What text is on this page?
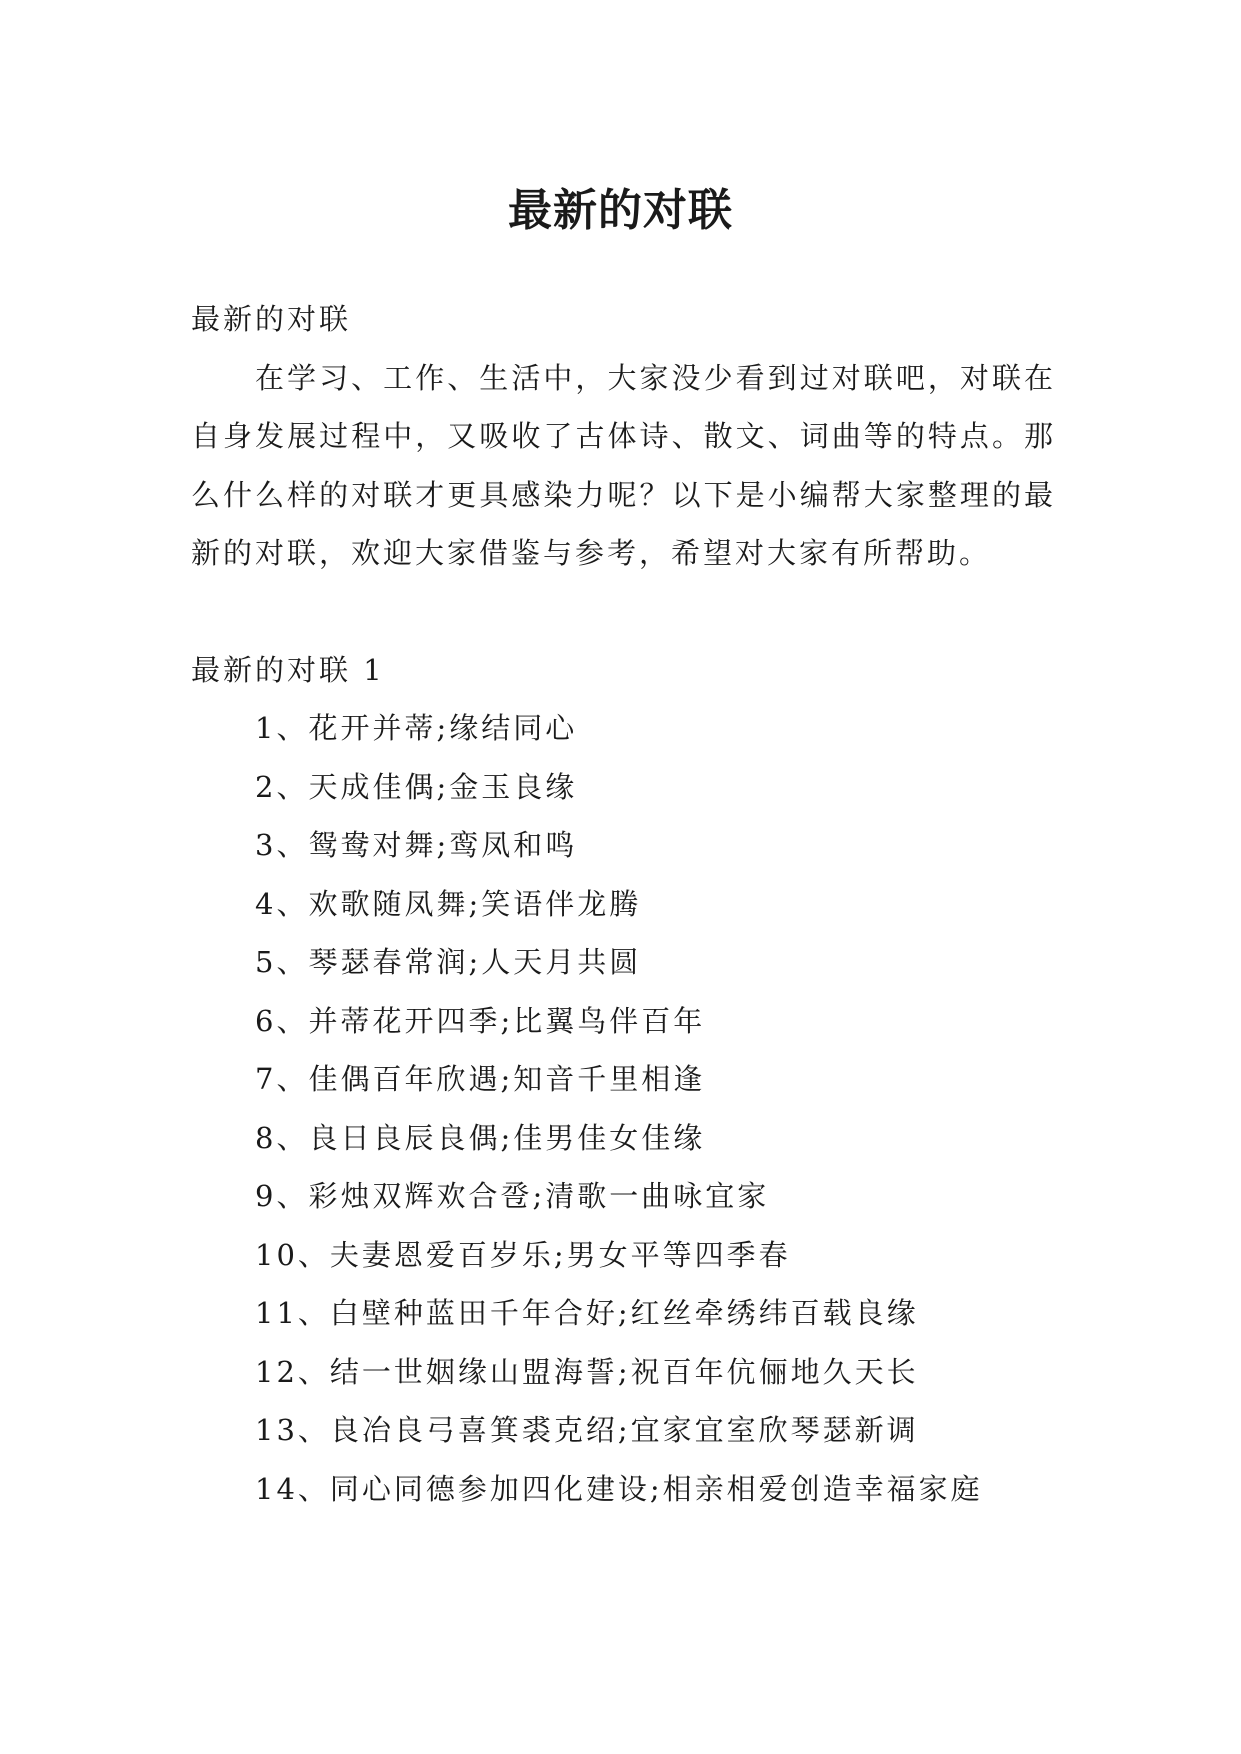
最新的对联

最新的对联

在学习、工作、生活中，大家没少看到过对联吧，对联在自身发展过程中，又吸收了古体诗、散文、词曲等的特点。那么什么样的对联才更具感染力呢？以下是小编帮大家整理的最新的对联，欢迎大家借鉴与参考，希望对大家有所帮助。

最新的对联 1

1、花开并蒂;缘结同心
2、天成佳偶;金玉良缘
3、鸳鸯对舞;鸾凤和鸣
4、欢歌随凤舞;笑语伴龙腾
5、琴瑟春常润;人天月共圆
6、并蒂花开四季;比翼鸟伴百年
7、佳偶百年欣遇;知音千里相逢
8、良日良辰良偶;佳男佳女佳缘
9、彩烛双辉欢合卺;清歌一曲咏宜家
10、夫妻恩爱百岁乐;男女平等四季春
11、白壁种蓝田千年合好;红丝牵绣纬百载良缘
12、结一世姻缘山盟海誓;祝百年伉俪地久天长
13、良冶良弓喜箕裘克绍;宜家宜室欣琴瑟新调
14、同心同德参加四化建设;相亲相爱创造幸福家庭
